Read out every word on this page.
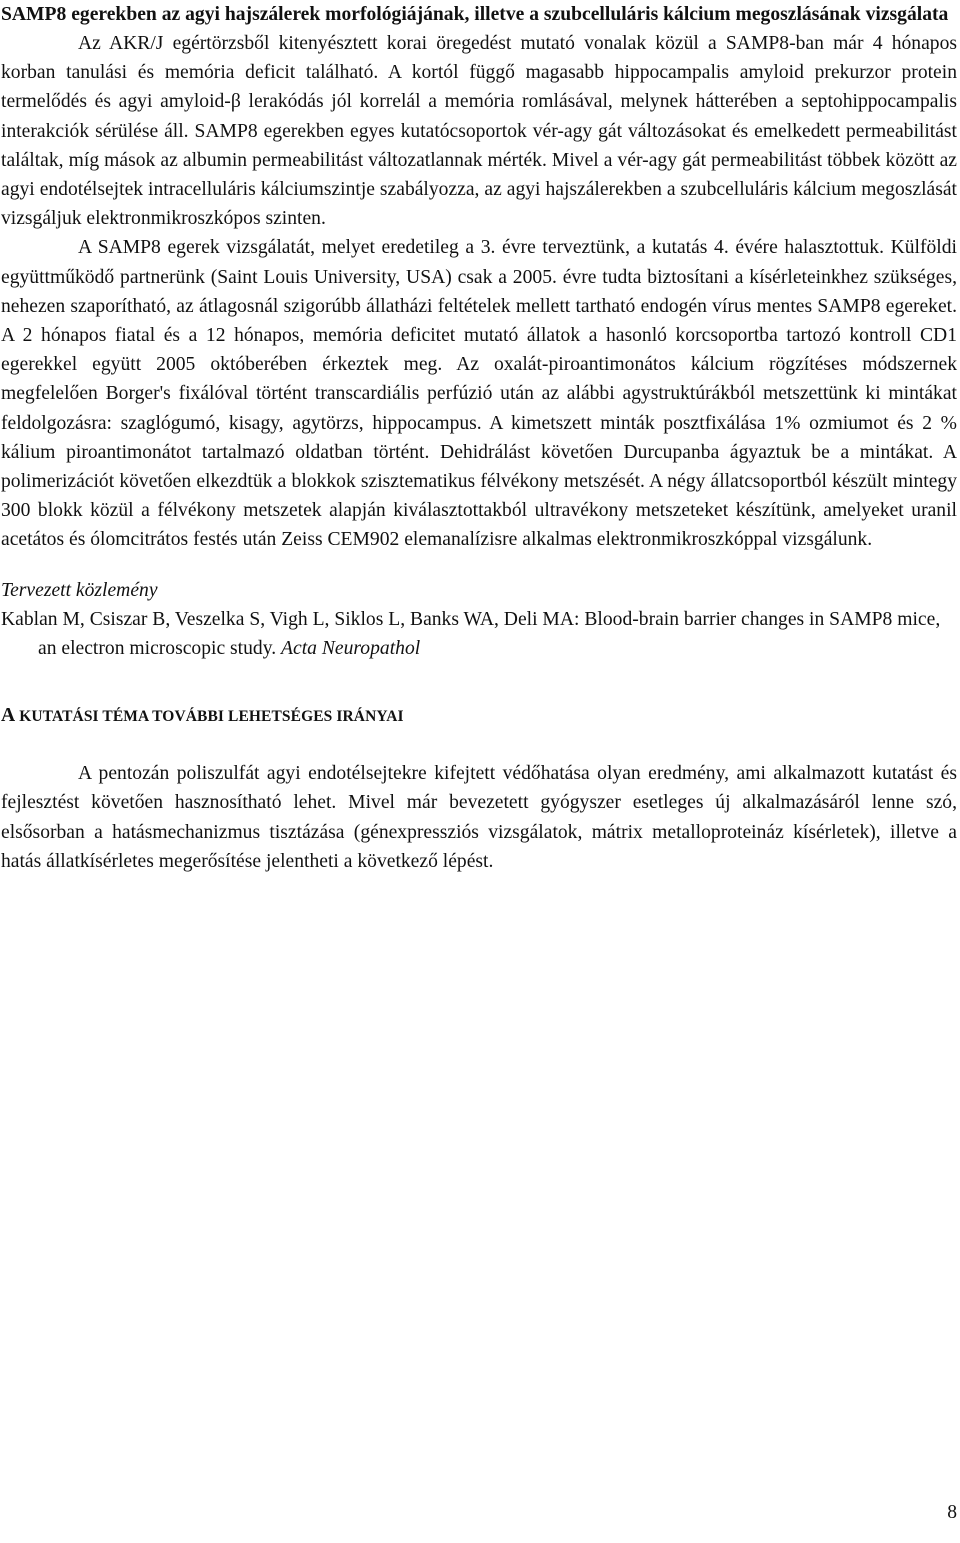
SAMP8 egerekben az agyi hajszálerek morfológiájának, illetve a szubcelluláris kálcium megoszlásának vizsgálata

Az AKR/J egértörzsből kitenyésztett korai öregedést mutató vonalak közül a SAMP8-ban már 4 hónapos korban tanulási és memória deficit található. A kortól függő magasabb hippocampalis amyloid prekurzor protein termelődés és agyi amyloid-β lerakódás jól korrelál a memória romlásával, melynek hátterében a septohippocampalis interakciók sérülése áll. SAMP8 egerekben egyes kutatócsoportok vér-agy gát változásokat és emelkedett permeabilitást találtak, míg mások az albumin permeabilitást változatlannak mérték. Mivel a vér-agy gát permeabilitást többek között az agyi endotélsejtek intracelluláris kálciumszintje szabályozza, az agyi hajszálerekben a szubcelluláris kálcium megoszlását vizsgáljuk elektronmikroszkópos szinten.

A SAMP8 egerek vizsgálatát, melyet eredetileg a 3. évre terveztünk, a kutatás 4. évére halasztottuk. Külföldi együttműködő partnerünk (Saint Louis University, USA) csak a 2005. évre tudta biztosítani a kísérleteinkhez szükséges, nehezen szaporítható, az átlagosnál szigorúbb állatházi feltételek mellett tartható endogén vírus mentes SAMP8 egereket. A 2 hónapos fiatal és a 12 hónapos, memória deficitet mutató állatok a hasonló korcsoportba tartozó kontroll CD1 egerekkel együtt 2005 októberében érkeztek meg. Az oxalát-piroantimonátos kálcium rögzítéses módszernek megfelelően Borger's fixálóval történt transcardiális perfúzió után az alábbi agystruktúrákból metszettünk ki mintákat feldolgozásra: szaglógumó, kisagy, agytörzs, hippocampus. A kimetszett minták posztfixálása 1% ozmiumot és 2 % kálium piroantimonátot tartalmazó oldatban történt. Dehidrálást követően Durcupanba ágyaztuk be a mintákat. A polimerizációt követően elkezdtük a blokkok szisztematikus félvékony metszését. A négy állatcsoportból készült mintegy 300 blokk közül a félvékony metszetek alapján kiválasztottakból ultravékony metszeteket készítünk, amelyeket uranil acetátos és ólomcitrátos festés után Zeiss CEM902 elemanalízisre alkalmas elektronmikroszkóppal vizsgálunk.

Tervezett közlemény
Kablan M, Csiszar B, Veszelka S, Vigh L, Siklos L, Banks WA, Deli MA: Blood-brain barrier changes in SAMP8 mice, an electron microscopic study. Acta Neuropathol
A KUTATÁSI TÉMA TOVÁBBI LEHETSÉGES IRÁNYAI

A pentozán poliszulfát agyi endotélsejtekre kifejtett védőhatása olyan eredmény, ami alkalmazott kutatást és fejlesztést követően hasznosítható lehet. Mivel már bevezetett gyógyszer esetleges új alkalmazásáról lenne szó, elsősorban a hatásmechanizmus tisztázása (génexpressziós vizsgálatok, mátrix metalloproteináz kísérletek), illetve a hatás állatkísérletes megerősítése jelentheti a következő lépést.

8
